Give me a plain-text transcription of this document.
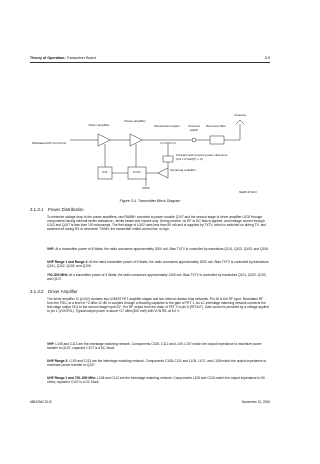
Theory of Operation: Transceiver Board	3-9
Antenna
Driver amplifier
Power amplifier
Directional coupler	Antenna switch
Harmonic filter
Modulated RF from FGU
Forward and reverse power detectors
(Vd = k*sqrt(P) + X)
INT	PCIC	Summing amplifier
RPW
MAEPF-27416-O
Figure 3-4. Transmitter Block Diagram
3.1.3.1 Power Distribution
To minimize voltage drop to the power amplifiers, raw RAWB+ connects to power module Q107 and the second stage of driver amplifier U102 through components having minimal series resistance—ferrite beads and chokes only. During receive, no RF or DC bias is applied, and leakage current through U102 and Q107 is less than 100 microamps. The first stage of U102 uses less than 50 mA and is supplied by TXTV, which is switched on during TX, and switched off during RX or whenever TXINH, the transmitter inhibit control line, is high.
VHF: At a transmitter power of 6 Watts, the radio consumes approximately 2000 mA. Bias TXTV is controlled by transistors Q101, Q102, Q103, and Q106.
UHF Range 1 and Range 2: At the rated transmitter power of 5 Watts, the radio consumes approximately 2000 mA. Bias TXTV is controlled by transistors Q101, Q102, Q103, and Q106.
700–800 MHz: At a transmitter power of 3 Watts, the radio consumes approximately 1300 mA. Bias TXTV is controlled by transistors Q101, Q102, Q103, and Q107.
3.1.3.2 Driver Amplifier
The driver amplifier IC (U102) contains two LDMOS FET amplifier stages and two internal resistor bias networks. Pin 16 is the RF input. Modulated RF from the FGU, at a level of +2 dBm ±2 dB, is coupled through a blocking capacitor to the gate of FET 1. An LC interstage matching network connects the first stage output VD1 to the second stage input G2. The RF output from the drain of FET 2 is pin 6 (RFOUT). Gate control is provided by a voltage applied to pin 1 (VCNTRL). Typical output power is about +27 dBm (500 mW) with VCNTRL at 5.0 V.
VHF: L108 and C113 are the interstage matching network. Components C108, C111 and L109, L107 match the output impedance to maximize power transfer to Q107; capacitor C107 is a DC block.
UHF Range 2: L109 and C113 are the interstage matching network. Components C108–C111 and L105, L107, and L108 match the output impedance to maximize power transfer to Q107.
UHF Range 1 and 700–800 MHz: L108 and C113 are the interstage matching network. Components L105 and C110 match the output impedance to 50 ohms; capacitor C107 is a DC block.
6881094C31-B	November 10, 2006
